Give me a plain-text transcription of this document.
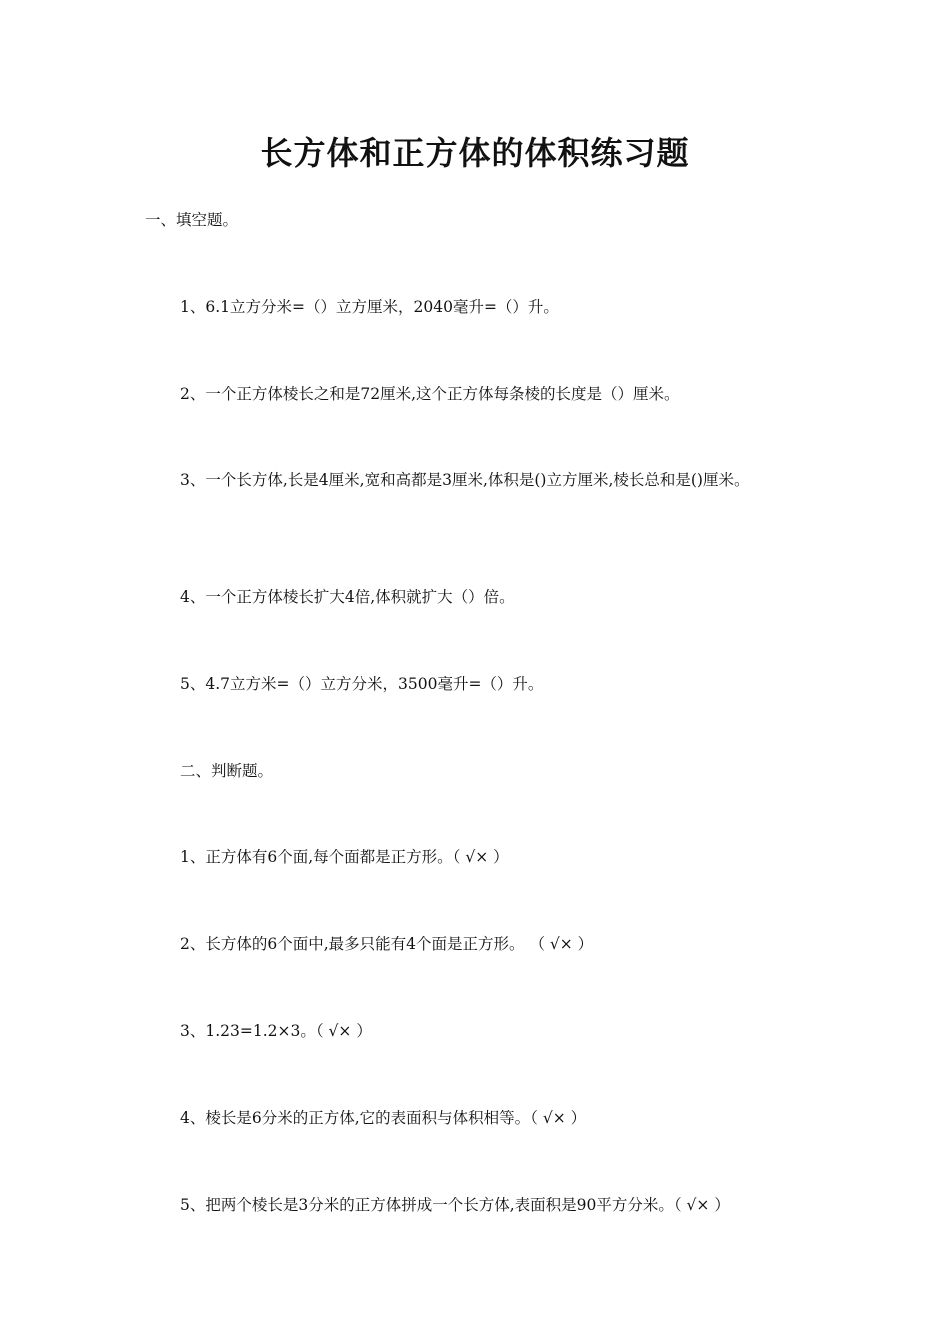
长方体和正方体的体积练习题
一、填空题。
1、6.1立方分米=（）立方厘米，2040毫升=（）升。
2、一个正方体棱长之和是72厘米,这个正方体每条棱的长度是（）厘米。
3、一个长方体,长是4厘米,宽和高都是3厘米,体积是()立方厘米,棱长总和是()厘米。
4、一个正方体棱长扩大4倍,体积就扩大（）倍。
5、4.7立方米=（）立方分米，3500毫升=（）升。
二、判断题。
1、正方体有6个面,每个面都是正方形。（ √× ）
2、长方体的6个面中,最多只能有4个面是正方形。 （ √× ）
3、1.23=1.2×3。（ √× ）
4、棱长是6分米的正方体,它的表面积与体积相等。（ √× ）
5、把两个棱长是3分米的正方体拼成一个长方体,表面积是90平方分米。（ √× ）
